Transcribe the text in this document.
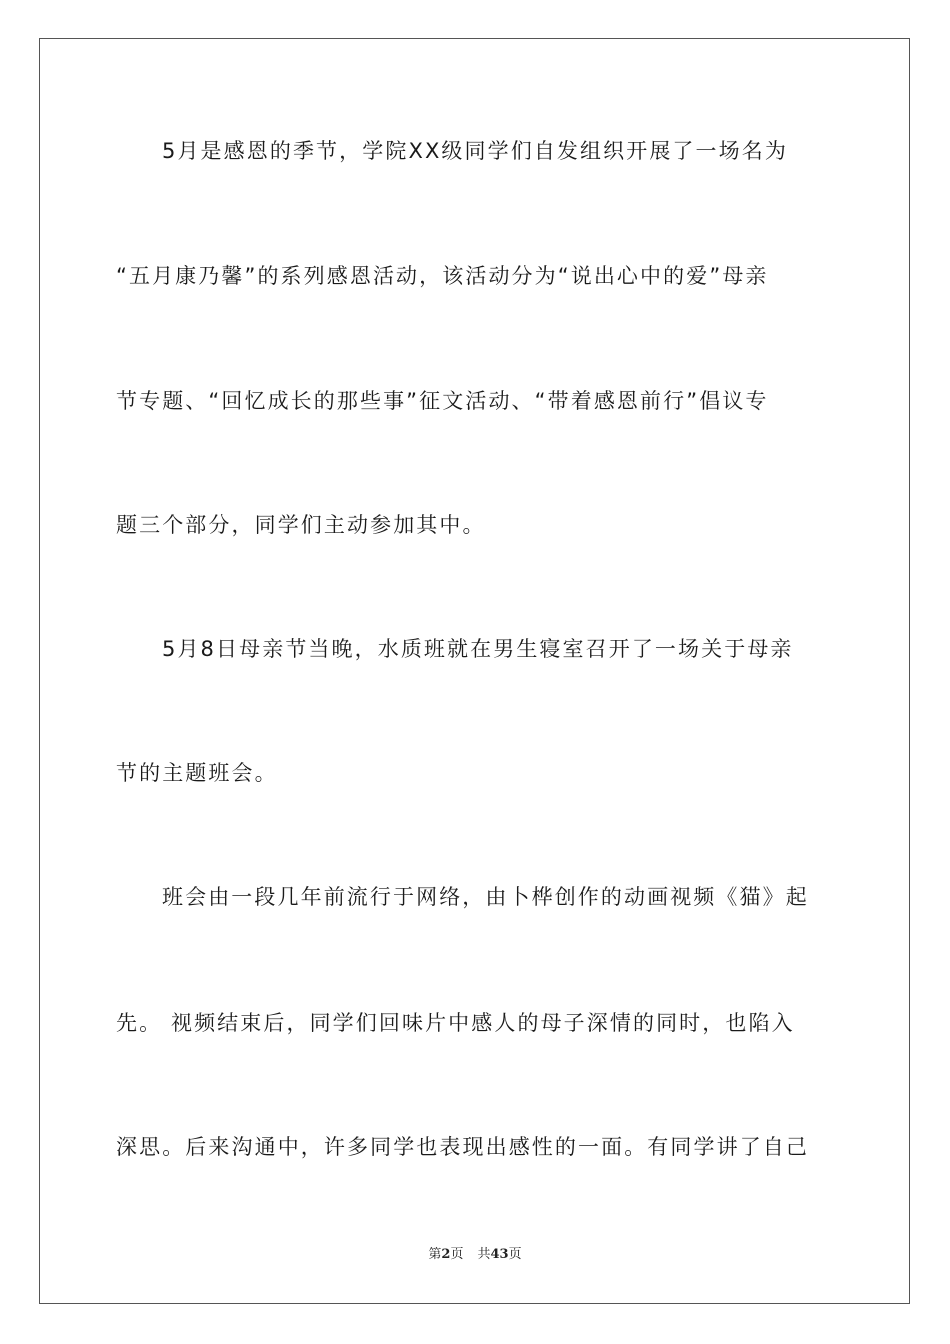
5月是感恩的季节，学院XX级同学们自发组织开展了一场名为
“五月康乃馨”的系列感恩活动，该活动分为“说出心中的爱”母亲
节专题、“回忆成长的那些事”征文活动、“带着感恩前行”倡议专
题三个部分，同学们主动参加其中。
5月8日母亲节当晚，水质班就在男生寝室召开了一场关于母亲
节的主题班会。
班会由一段几年前流行于网络，由卜桦创作的动画视频《猫》起
先。 视频结束后，同学们回味片中感人的母子深情的同时，也陷入
深思。后来沟通中，许多同学也表现出感性的一面。有同学讲了自己
第2页 共43页
